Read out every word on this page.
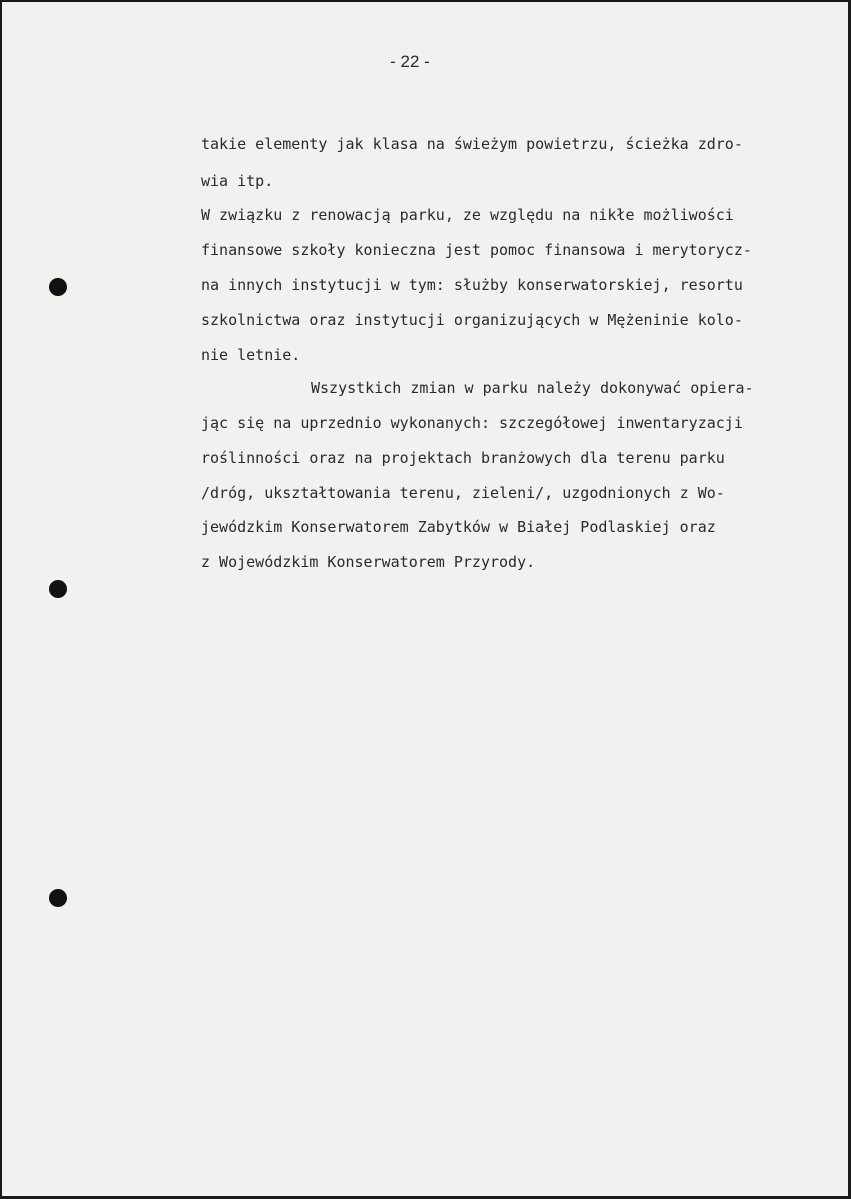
- 22 -
takie elementy jak klasa na świeżym powietrzu, ścieżka zdro-
wia itp.
W związku z renowacją parku, ze względu na nikłe możliwości
finansowe szkoły konieczna jest pomoc finansowa i merytorycz-
na innych instytucji w tym: służby konserwatorskiej, resortu
szkolnictwa oraz instytucji organizujących w Mężeninie kolo-
nie letnie.
Wszystkich zmian w parku należy dokonywać opiera-
jąc się na uprzednio wykonanych: szczegółowej inwentaryzacji
roślinności oraz na projektach branżowych dla terenu parku
/dróg, ukształtowania terenu, zieleni/, uzgodnionych z Wo-
jewódzkim Konserwatorem Zabytków w Białej Podlaskiej oraz
z Wojewódzkim Konserwatorem Przyrody.
